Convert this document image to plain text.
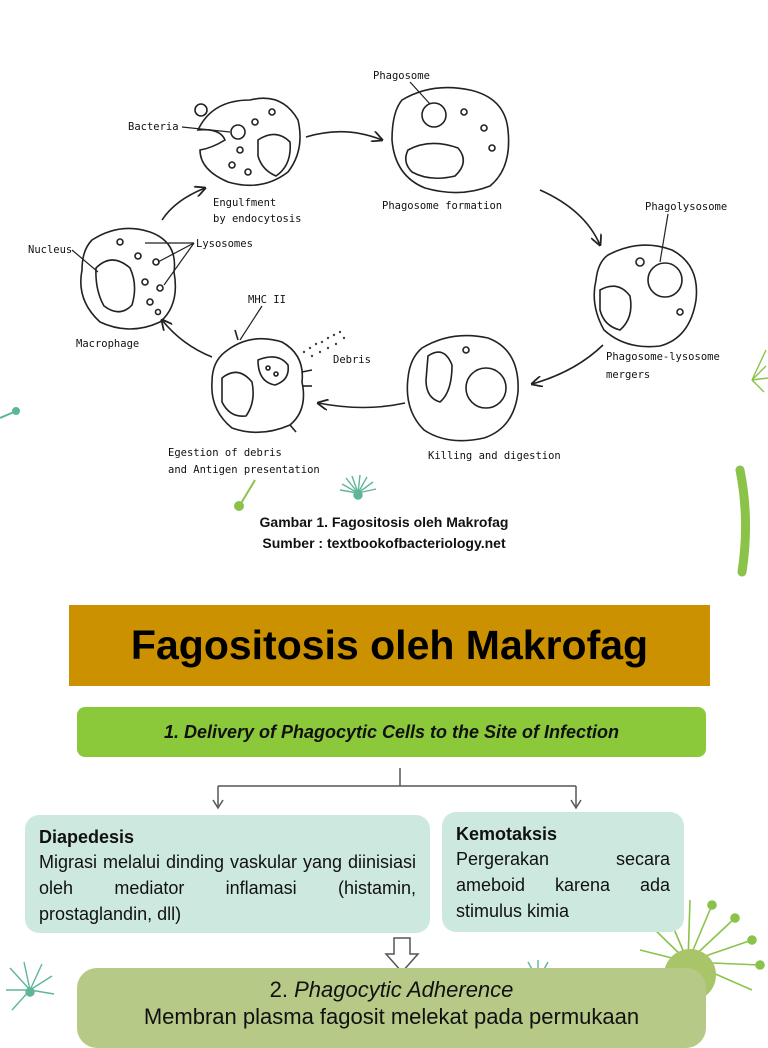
Phagosome
Bacteria
Engulfment
by endocytosis
Phagosome formation	Phagolysosome
Nucleus	Lysosomes
Macrophage
MHC II
Debris	Phagosome-lysosome
mergers
Egestion of debris
and Antigen presentation
Killing and digestion
Gambar 1. Fagositosis oleh Makrofag
Sumber : textbookofbacteriology.net
Fagositosis oleh Makrofag
1. Delivery of Phagocytic Cells to the Site of Infection
Diapedesis
Migrasi melalui dinding vaskular yang diinisiasi oleh mediator inflamasi (histamin, prostaglandin, dll)
Kemotaksis
Pergerakan secara ameboid karena ada stimulus kimia
2. Phagocytic Adherence
Membran plasma fagosit melekat pada permukaan
